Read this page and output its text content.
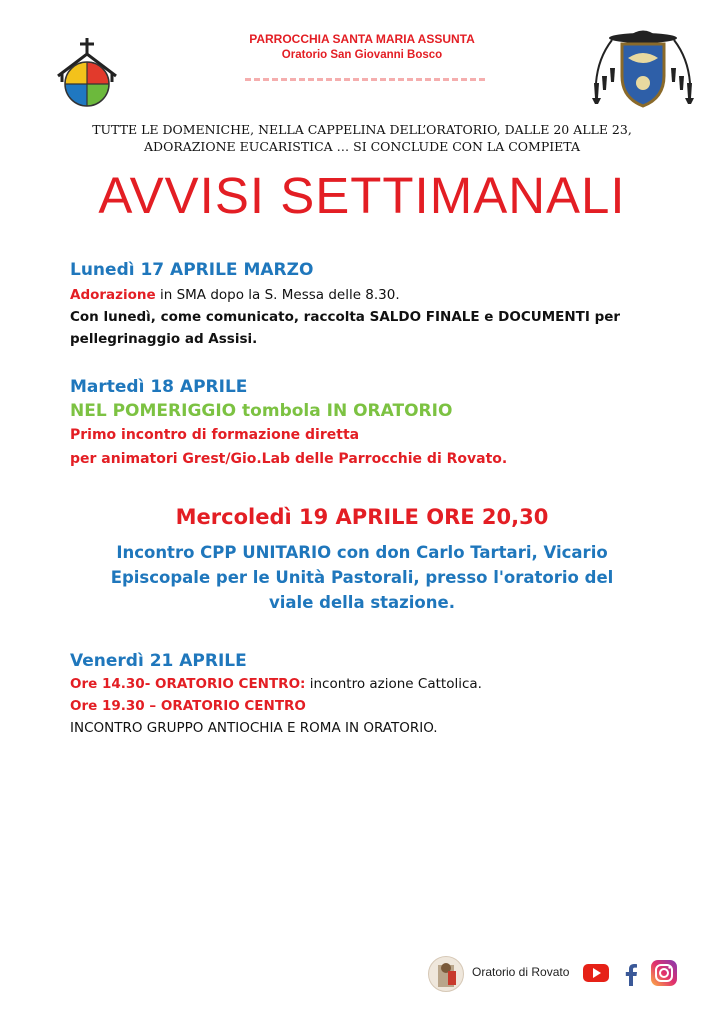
PARROCCHIA SANTA MARIA ASSUNTA
Oratorio San Giovanni Bosco
TUTTE LE DOMENICHE, NELLA CAPPELINA DELL’ORATORIO, DALLE 20 ALLE 23,
ADORAZIONE EUCARISTICA … SI CONCLUDE CON LA COMPIETA
AVVISI SETTIMANALI
Lunedì 17 APRILE MARZO
Adorazione in SMA dopo la S. Messa delle 8.30.
Con lunedì, come comunicato, raccolta SALDO FINALE e DOCUMENTI per
pellegrinaggio ad Assisi.
Martedì 18 APRILE
NEL POMERIGGIO tombola IN ORATORIO
Primo incontro di formazione diretta
per animatori Grest/Gio.Lab delle Parrocchie di Rovato.
Mercoledì 19 APRILE ORE 20,30
Incontro CPP UNITARIO con don Carlo Tartari, Vicario
Episcopale per le Unità Pastorali, presso l'oratorio del
viale della stazione.
Venerdì 21 APRILE
Ore 14.30- ORATORIO CENTRO: incontro azione Cattolica.
Ore 19.30 – ORATORIO CENTRO
INCONTRO GRUPPO ANTIOCHIA E ROMA IN ORATORIO.
Oratorio di Rovato
